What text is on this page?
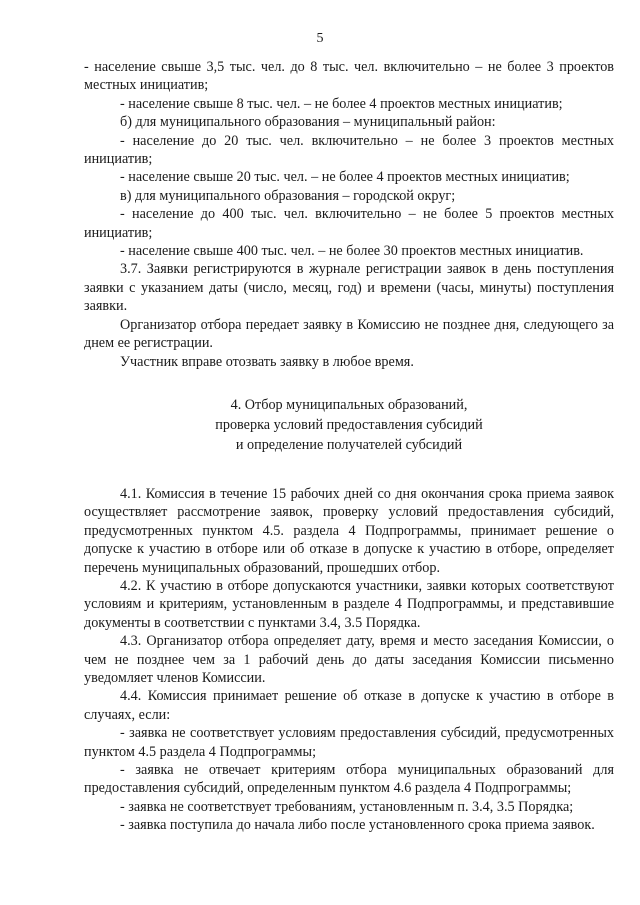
5

- население свыше 3,5 тыс. чел. до 8 тыс. чел. включительно – не более 3 проектов местных инициатив;

- население свыше 8 тыс. чел. – не более 4 проектов местных инициатив;

б) для муниципального образования – муниципальный район:

- население до 20 тыс. чел. включительно – не более 3 проектов местных инициатив;

- население свыше 20 тыс. чел. – не более 4 проектов местных инициатив;

в) для муниципального образования – городской округ;

- население до 400 тыс. чел. включительно – не более 5 проектов местных инициатив;

- население свыше 400 тыс. чел. – не более 30 проектов местных инициатив.

3.7. Заявки регистрируются в журнале регистрации заявок в день поступления заявки с указанием даты (число, месяц, год) и времени (часы, минуты) поступления заявки.

Организатор отбора передает заявку в Комиссию не позднее дня, следующего за днем ее регистрации.

Участник вправе отозвать заявку в любое время.

4. Отбор муниципальных образований,
проверка условий предоставления субсидий
и определение получателей субсидий

4.1. Комиссия в течение 15 рабочих дней со дня окончания срока приема заявок осуществляет рассмотрение заявок, проверку условий предоставления субсидий, предусмотренных пунктом 4.5. раздела 4 Подпрограммы, принимает решение о допуске к участию в отборе или об отказе в допуске к участию в отборе, определяет перечень муниципальных образований, прошедших отбор.

4.2. К участию в отборе допускаются участники, заявки которых соответствуют условиям и критериям, установленным в разделе 4 Подпрограммы, и представившие документы в соответствии с пунктами 3.4, 3.5 Порядка.

4.3. Организатор отбора определяет дату, время и место заседания Комиссии, о чем не позднее чем за 1 рабочий день до даты заседания Комиссии письменно уведомляет членов Комиссии.

4.4. Комиссия принимает решение об отказе в допуске к участию в отборе в случаях, если:

- заявка не соответствует условиям предоставления субсидий, предусмотренных пунктом 4.5 раздела 4 Подпрограммы;

- заявка не отвечает критериям отбора муниципальных образований для предоставления субсидий, определенным пунктом 4.6 раздела 4 Подпрограммы;

- заявка не соответствует требованиям, установленным п. 3.4, 3.5 Порядка;

- заявка поступила до начала либо после установленного срока приема заявок.
